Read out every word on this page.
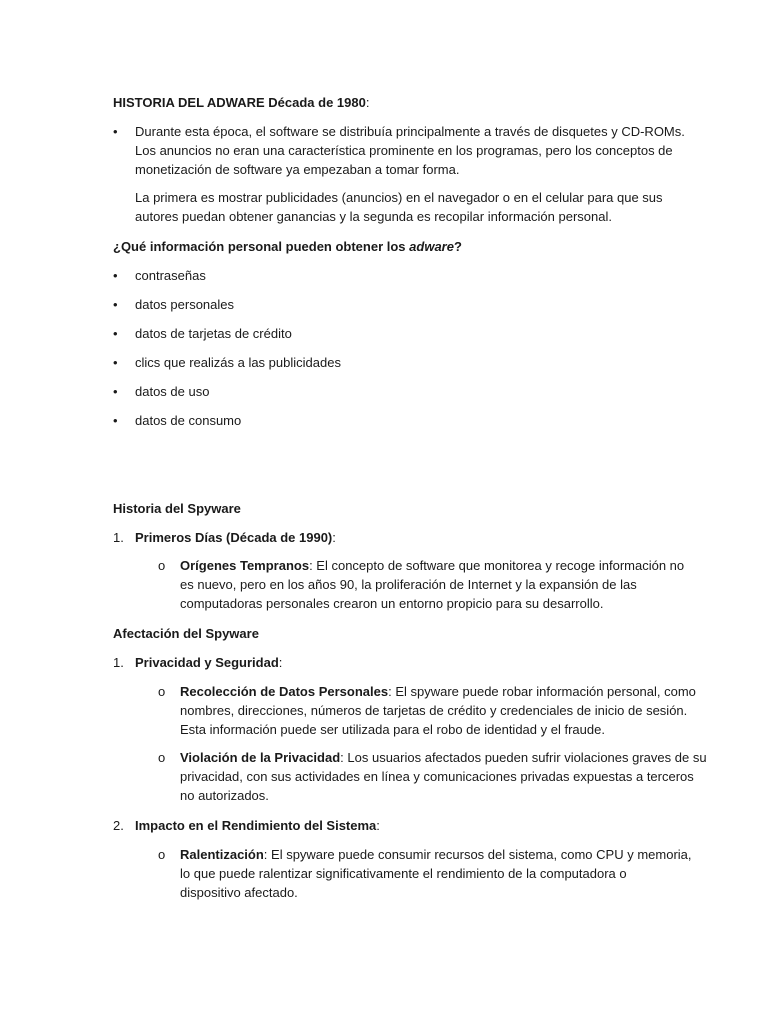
HISTORIA DEL ADWARE Década de 1980:
• Durante esta época, el software se distribuía principalmente a través de disquetes y CD-ROMs.
Los anuncios no eran una característica prominente en los programas, pero los conceptos de
monetización de software ya empezaban a tomar forma.
La primera es mostrar publicidades (anuncios) en el navegador o en el celular para que sus
autores puedan obtener ganancias y la segunda es recopilar información personal.
¿Qué información personal pueden obtener los adware?
• contraseñas
• datos personales
• datos de tarjetas de crédito
• clics que realizás a las publicidades
• datos de uso
• datos de consumo
Historia del Spyware
1. Primeros Días (Década de 1990):
o Orígenes Tempranos: El concepto de software que monitorea y recoge información no
es nuevo, pero en los años 90, la proliferación de Internet y la expansión de las
computadoras personales crearon un entorno propicio para su desarrollo.
Afectación del Spyware
1. Privacidad y Seguridad:
o Recolección de Datos Personales: El spyware puede robar información personal, como
nombres, direcciones, números de tarjetas de crédito y credenciales de inicio de sesión.
Esta información puede ser utilizada para el robo de identidad y el fraude.
o Violación de la Privacidad: Los usuarios afectados pueden sufrir violaciones graves de su
privacidad, con sus actividades en línea y comunicaciones privadas expuestas a terceros
no autorizados.
2. Impacto en el Rendimiento del Sistema:
o Ralentización: El spyware puede consumir recursos del sistema, como CPU y memoria,
lo que puede ralentizar significativamente el rendimiento de la computadora o
dispositivo afectado.
